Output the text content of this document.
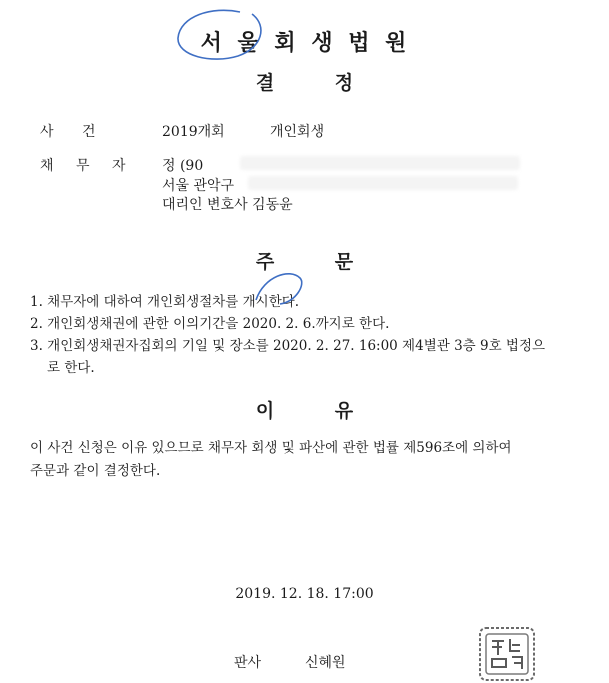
서 울 회 생 법 원
결 정
사 건	2019개회	개인회생
채 무 자	정 (90
서울 관악구
대리인 변호사 김동윤
주 문
1. 채무자에 대하여 개인회생절차를 개시한다.
2. 개인회생채권에 관한 이의기간을 2020. 2. 6.까지로 한다.
3. 개인회생채권자집회의 기일 및 장소를 2020. 2. 27. 16:00 제4별관 3층 9호 법정으
로 한다.
이 유
이 사건 신청은 이유 있으므로 채무자 회생 및 파산에 관한 법률 제596조에 의하여
주문과 같이 결정한다.
2019. 12. 18. 17:00
판사	신혜원
